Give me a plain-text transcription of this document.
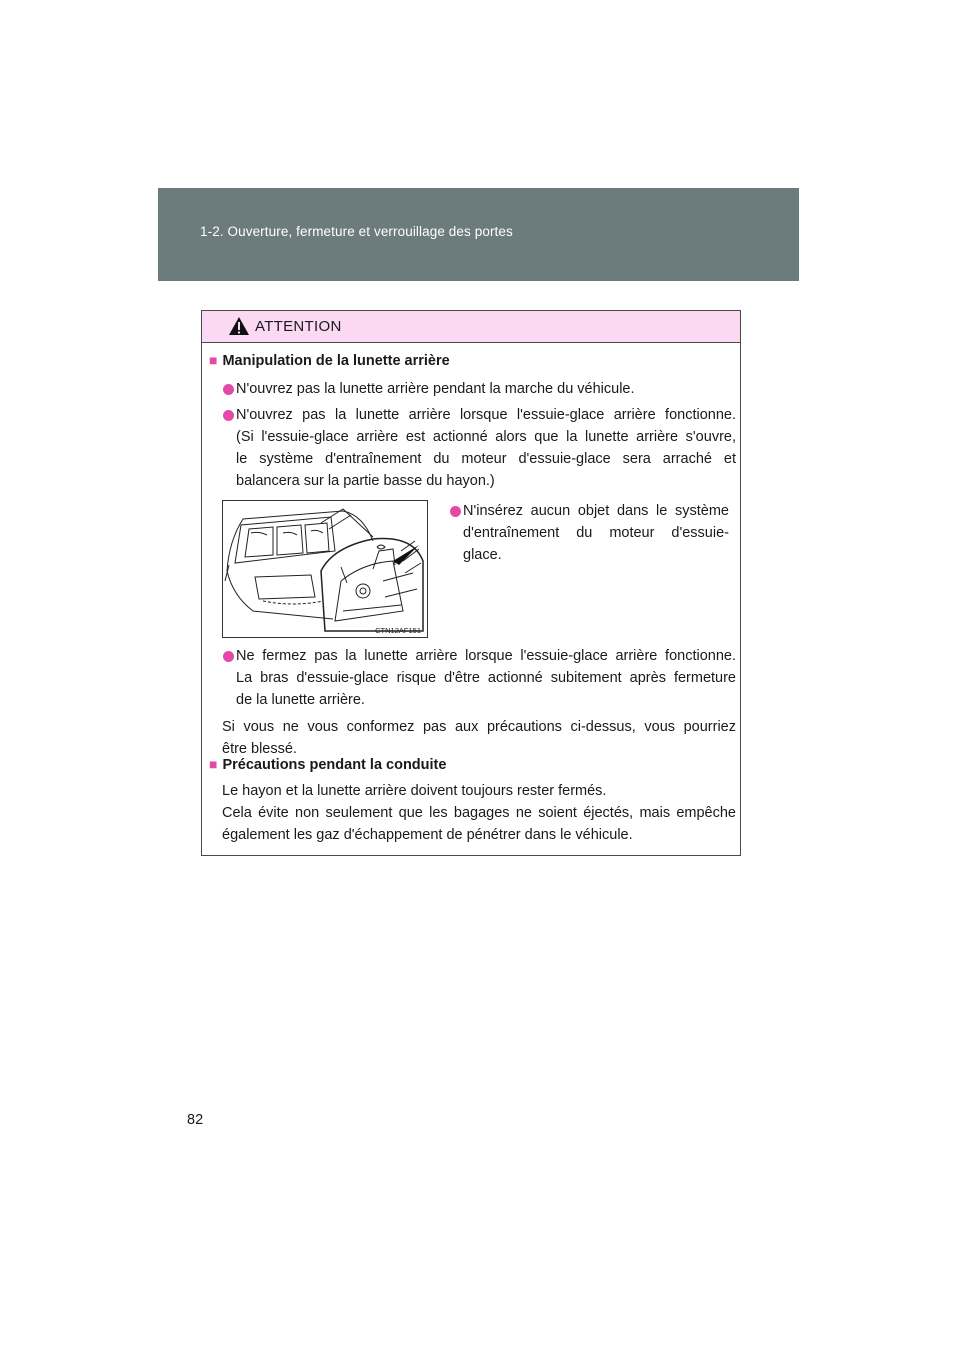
1-2. Ouverture, fermeture et verrouillage des portes
ATTENTION
■ Manipulation de la lunette arrière
N'ouvrez pas la lunette arrière pendant la marche du véhicule.
N'ouvrez pas la lunette arrière lorsque l'essuie-glace arrière fonctionne.
(Si l'essuie-glace arrière est actionné alors que la lunette arrière s'ouvre,
le système d'entraînement du moteur d'essuie-glace sera arraché et
balancera sur la partie basse du hayon.)
CTN12AF151
N'insérez aucun objet dans le système
d'entraînement du moteur d'essuie-
glace.
Ne fermez pas la lunette arrière lorsque l'essuie-glace arrière fonctionne.
La bras d'essuie-glace risque d'être actionné subitement après fermeture
de la lunette arrière.
Si vous ne vous conformez pas aux précautions ci-dessus, vous pourriez
être blessé.
■ Précautions pendant la conduite
Le hayon et la lunette arrière doivent toujours rester fermés.
Cela évite non seulement que les bagages ne soient éjectés, mais empêche
également les gaz d'échappement de pénétrer dans le véhicule.
82
